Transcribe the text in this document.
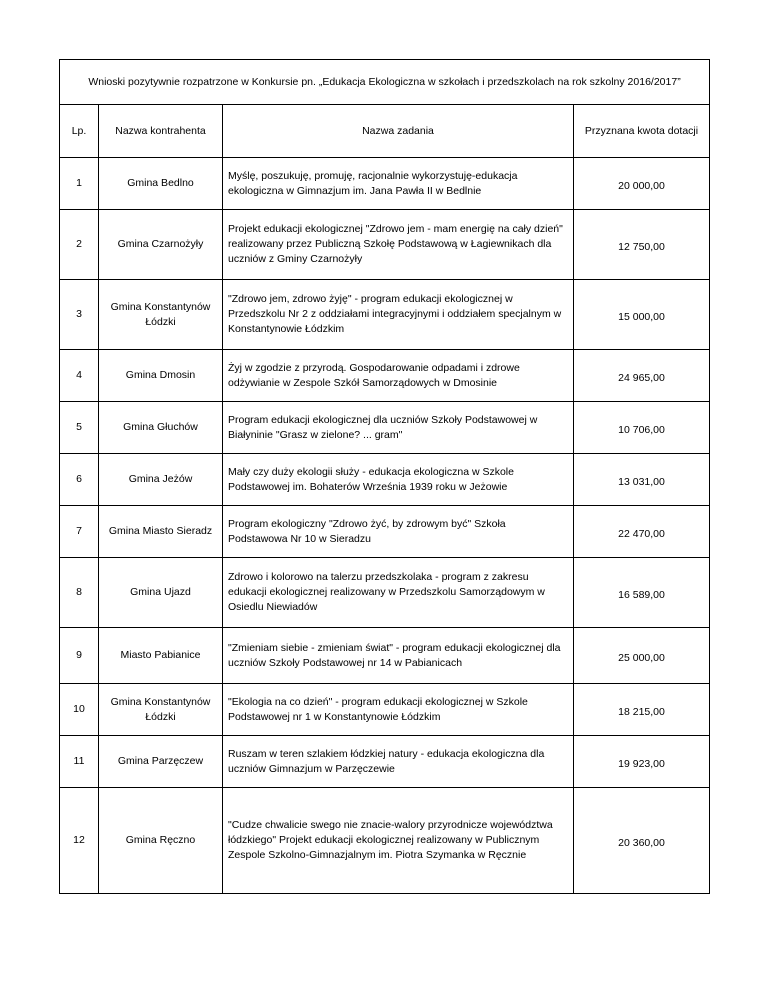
Wnioski pozytywnie rozpatrzone w Konkursie pn. „Edukacja Ekologiczna w szkołach i przedszkolach na rok szkolny 2016/2017”			
Lp.	Nazwa kontrahenta	Nazwa zadania	Przyznana kwota dotacji
1	Gmina Bedlno	Myślę, poszukuję, promuję, racjonalnie wykorzystuję-edukacja ekologiczna w Gimnazjum im. Jana Pawła II w Bedlnie	20 000,00
2	Gmina Czarnożyły	Projekt edukacji ekologicznej "Zdrowo jem - mam energię na cały dzień" realizowany przez Publiczną Szkołę Podstawową w Łagiewnikach dla uczniów z Gminy Czarnożyły	12 750,00
3	Gmina Konstantynów Łódzki	"Zdrowo jem, zdrowo żyję" - program edukacji ekologicznej w Przedszkolu Nr 2 z oddziałami integracyjnymi i oddziałem specjalnym w Konstantynowie Łódzkim	15 000,00
4	Gmina Dmosin	Żyj w zgodzie z przyrodą. Gospodarowanie odpadami i zdrowe odżywianie w Zespole Szkół Samorządowych w Dmosinie	24 965,00
5	Gmina Głuchów	Program edukacji ekologicznej dla uczniów Szkoły Podstawowej w Białyninie "Grasz w zielone? ... gram"	10 706,00
6	Gmina Jeżów	Mały czy duży ekologii służy - edukacja ekologiczna w Szkole Podstawowej im. Bohaterów Września 1939 roku w Jeżowie	13 031,00
7	Gmina Miasto Sieradz	Program ekologiczny "Zdrowo żyć, by zdrowym być" Szkoła Podstawowa Nr 10 w Sieradzu	22 470,00
8	Gmina Ujazd	Zdrowo i kolorowo na talerzu przedszkolaka - program z zakresu edukacji ekologicznej realizowany w Przedszkolu Samorządowym w Osiedlu Niewiadów	16 589,00
9	Miasto Pabianice	"Zmieniam siebie - zmieniam świat" - program edukacji ekologicznej dla uczniów Szkoły Podstawowej nr 14 w Pabianicach	25 000,00
10	Gmina Konstantynów Łódzki	"Ekologia na co dzień" - program edukacji ekologicznej w Szkole Podstawowej nr 1 w Konstantynowie Łódzkim	18 215,00
11	Gmina Parzęczew	Ruszam w teren szlakiem łódzkiej natury - edukacja ekologiczna dla uczniów Gimnazjum w Parzęczewie	19 923,00
12	Gmina Ręczno	"Cudze chwalicie swego nie znacie-walory przyrodnicze województwa łódzkiego" Projekt edukacji ekologicznej realizowany w Publicznym Zespole Szkolno-Gimnazjalnym im. Piotra Szymanka w Ręcznie	20 360,00
